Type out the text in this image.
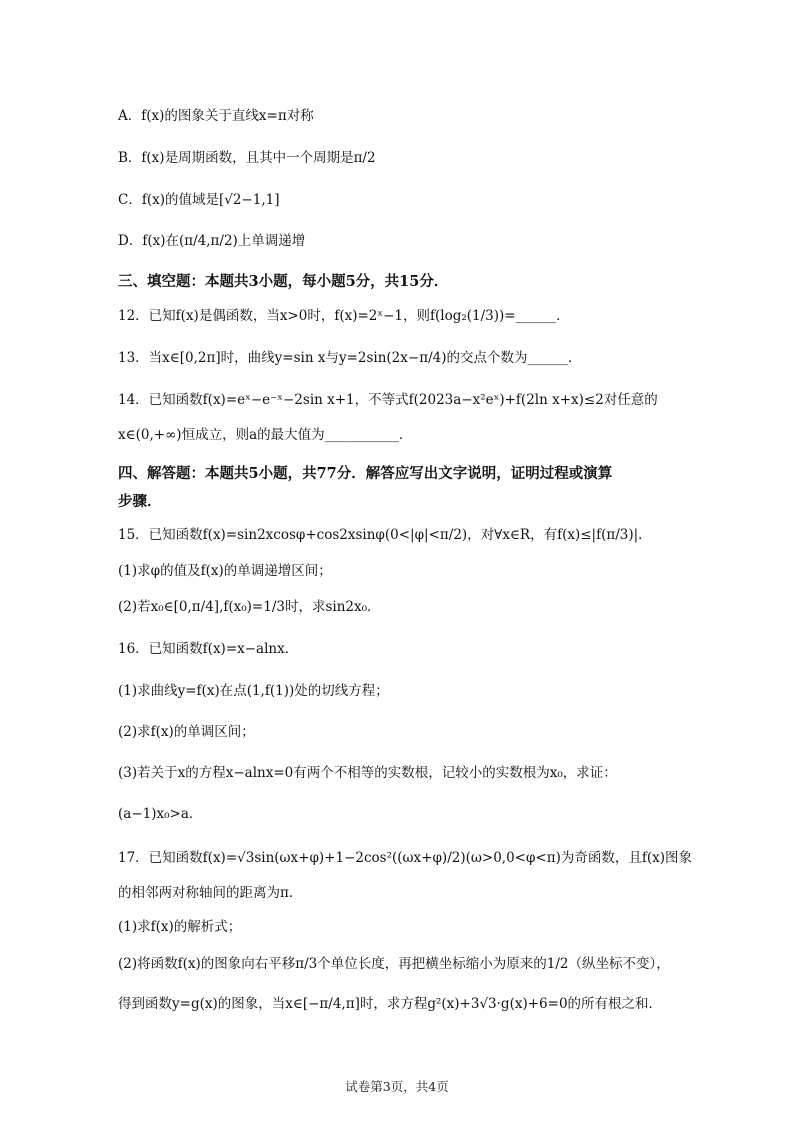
A．f(x)的图象关于直线x=π对称
B．f(x)是周期函数，且其中一个周期是π/2
C．f(x)的值域是[√2−1,1]
D．f(x)在(π/4,π/2)上单调递增
三、填空题：本题共3小题，每小题5分，共15分．
12．已知f(x)是偶函数，当x>0时，f(x)=2ˣ−1，则f(log₂(1/3))=______．
13．当x∈[0,2π]时，曲线y=sin x与y=2sin(2x−π/4)的交点个数为______．
14．已知函数f(x)=eˣ−e⁻ˣ−2sin x+1，不等式f(2023a−x²eˣ)+f(2ln x+x)≤2对任意的
x∈(0,+∞)恒成立，则a的最大值为___________．
四、解答题：本题共5小题，共77分．解答应写出文字说明，证明过程或演算
步骤．
15．已知函数f(x)=sin2xcosφ+cos2xsinφ(0<|φ|<π/2)，对∀x∈R，有f(x)≤|f(π/3)|．
(1)求φ的值及f(x)的单调递增区间；
(2)若x₀∈[0,π/4],f(x₀)=1/3时，求sin2x₀．
16．已知函数f(x)=x−alnx．
(1)求曲线y=f(x)在点(1,f(1))处的切线方程；
(2)求f(x)的单调区间；
(3)若关于x的方程x−alnx=0有两个不相等的实数根，记较小的实数根为x₀，求证：
(a−1)x₀>a．
17．已知函数f(x)=√3sin(ωx+φ)+1−2cos²((ωx+φ)/2)(ω>0,0<φ<π)为奇函数，且f(x)图象
的相邻两对称轴间的距离为π．
(1)求f(x)的解析式；
(2)将函数f(x)的图象向右平移π/3个单位长度，再把横坐标缩小为原来的1/2（纵坐标不变），
得到函数y=g(x)的图象，当x∈[−π/4,π]时，求方程g²(x)+3√3·g(x)+6=0的所有根之和．
试卷第3页，共4页
